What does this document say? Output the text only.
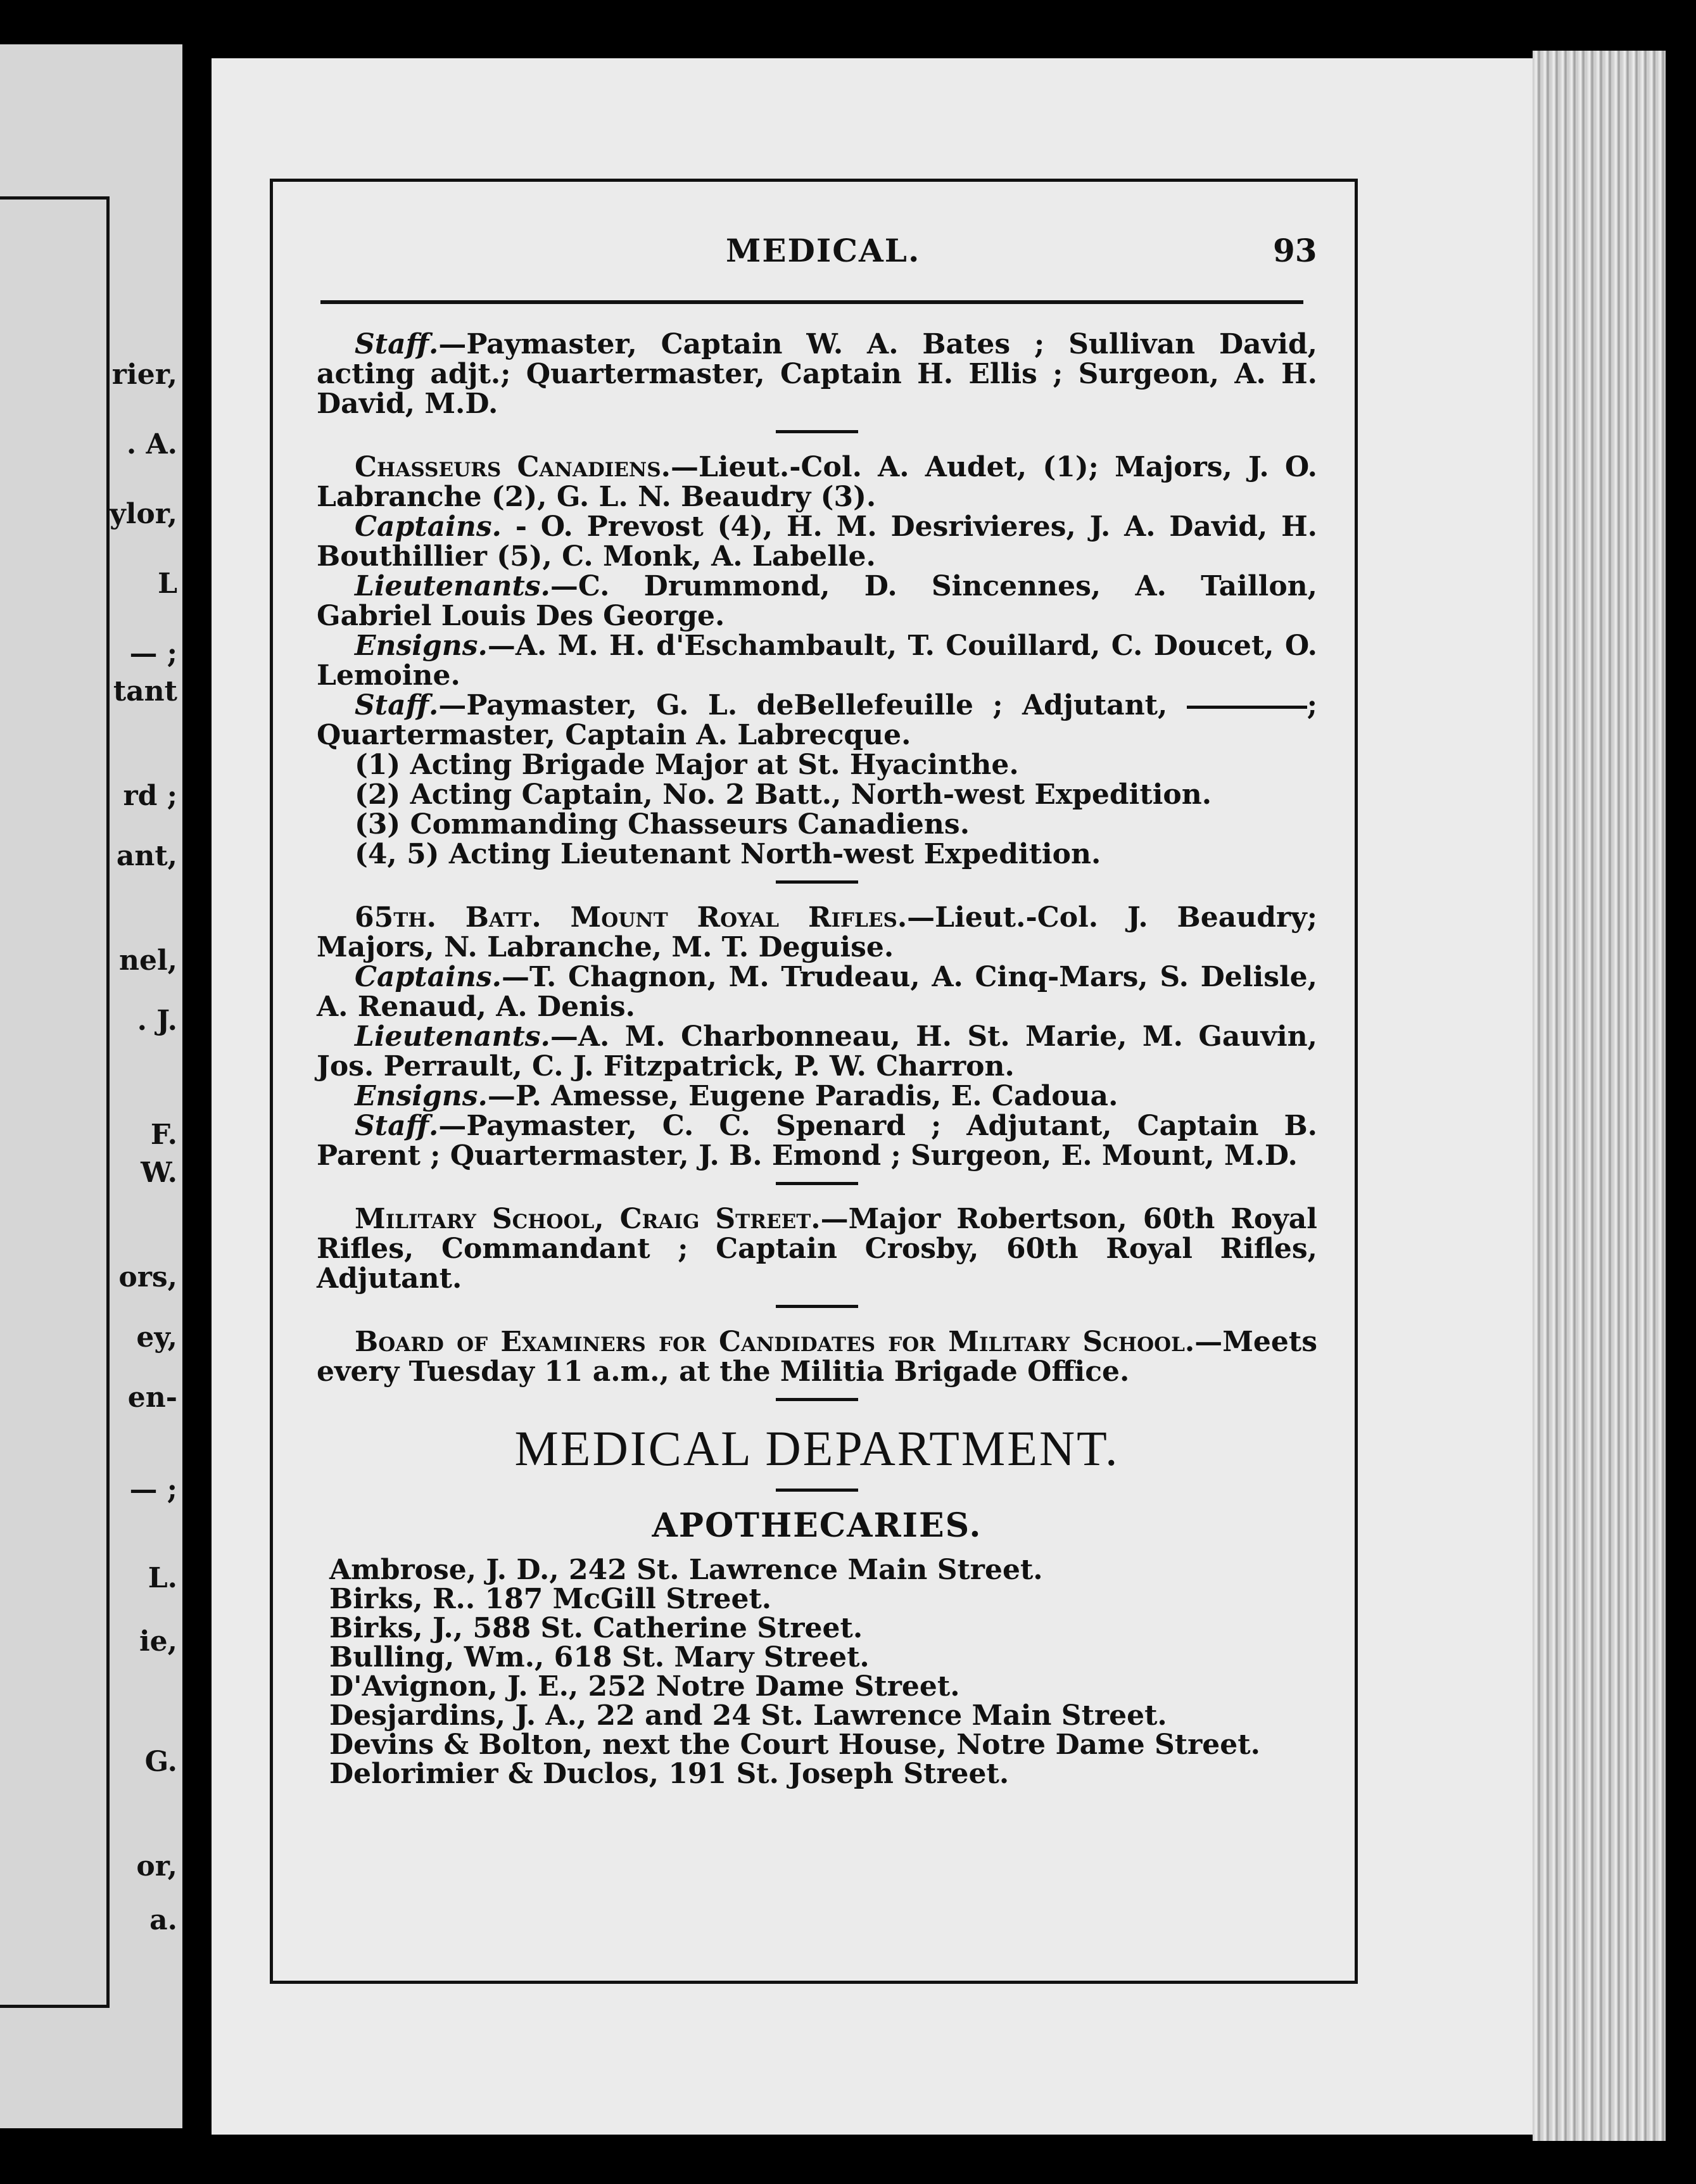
rier,
. A.
ylor,
L
— ;
tant
rd ;
ant,
nel,
. J.
F.
W.
ors,
ey,
en-
— ;
L.
ie,
G.
or,
a.
MEDICAL.	93

Staff.—Paymaster, Captain W. A. Bates ; Sullivan David, acting adjt.; Quartermaster, Captain H. Ellis ; Surgeon, A. H. David, M.D.

Chasseurs Canadiens.—Lieut.-Col. A. Audet, (1); Majors, J. O. Labranche (2), G. L. N. Beaudry (3).

Captains. - O. Prevost (4), H. M. Desrivieres, J. A. David, H. Bouthillier (5), C. Monk, A. Labelle.

Lieutenants.—C. Drummond, D. Sincennes, A. Taillon, Gabriel Louis Des George.

Ensigns.—A. M. H. d'Eschambault, T. Couillard, C. Doucet, O. Lemoine.

Staff.—Paymaster, G. L. deBellefeuille ; Adjutant,	; Quartermaster, Captain A. Labrecque.

(1) Acting Brigade Major at St. Hyacinthe.

(2) Acting Captain, No. 2 Batt., North-west Expedition.

(3) Commanding Chasseurs Canadiens.

(4, 5) Acting Lieutenant North-west Expedition.

65th. Batt. Mount Royal Rifles.—Lieut.-Col. J. Beaudry; Majors, N. Labranche, M. T. Deguise.

Captains.—T. Chagnon, M. Trudeau, A. Cinq-Mars, S. Delisle, A. Renaud, A. Denis.

Lieutenants.—A. M. Charbonneau, H. St. Marie, M. Gauvin, Jos. Perrault, C. J. Fitzpatrick, P. W. Charron.

Ensigns.—P. Amesse, Eugene Paradis, E. Cadoua.

Staff.—Paymaster, C. C. Spenard ; Adjutant, Captain B. Parent ; Quartermaster, J. B. Emond ; Surgeon, E. Mount, M.D.

Military School, Craig Street.—Major Robertson, 60th Royal Rifles, Commandant ; Captain Crosby, 60th Royal Rifles, Adjutant.

Board of Examiners for Candidates for Military School.—Meets every Tuesday 11 a.m., at the Militia Brigade Office.

MEDICAL DEPARTMENT.
APOTHECARIES.
Ambrose, J. D., 242 St. Lawrence Main Street.
Birks, R.. 187 McGill Street.
Birks, J., 588 St. Catherine Street.
Bulling, Wm., 618 St. Mary Street.
D'Avignon, J. E., 252 Notre Dame Street.
Desjardins, J. A., 22 and 24 St. Lawrence Main Street.
Devins & Bolton, next the Court House, Notre Dame Street.
Delorimier & Duclos, 191 St. Joseph Street.
